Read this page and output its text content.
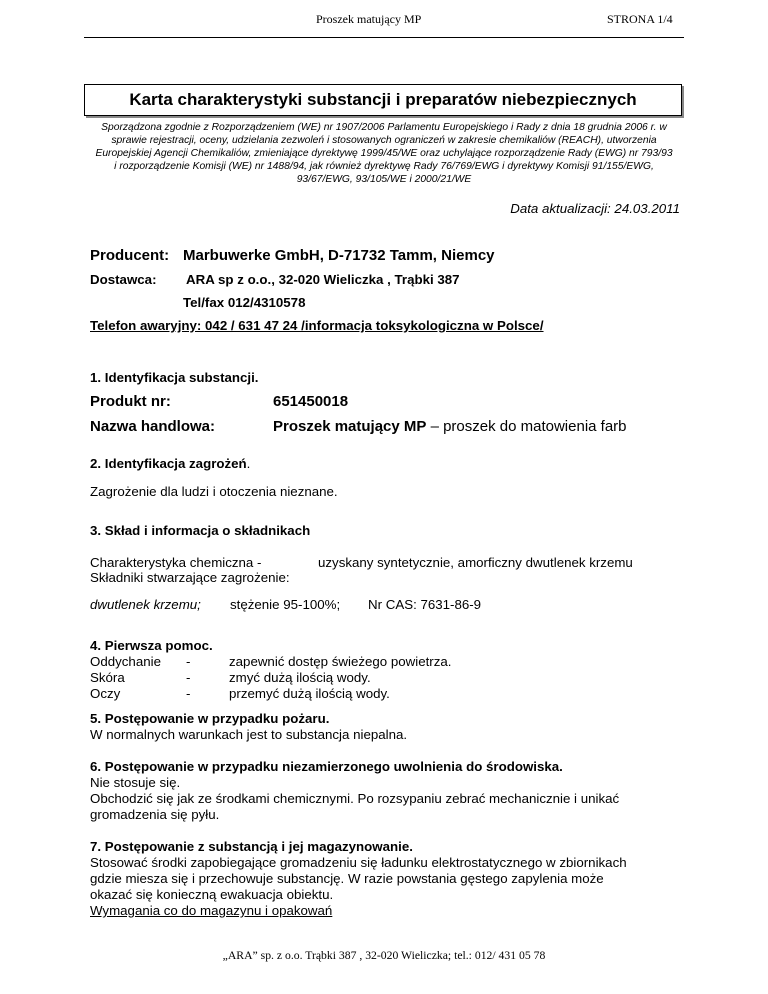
Proszek matujący MP	STRONA 1/4
Karta charakterystyki substancji i preparatów niebezpiecznych
Sporządzona zgodnie z Rozporządzeniem (WE) nr 1907/2006 Parlamentu Europejskiego i Rady z dnia 18 grudnia 2006 r. w
sprawie rejestracji, oceny, udzielania zezwoleń i stosowanych ograniczeń w zakresie chemikaliów (REACH), utworzenia
Europejskiej Agencji Chemikaliów, zmieniające dyrektywę 1999/45/WE oraz uchylające rozporządzenie Rady (EWG) nr 793/93
i rozporządzenie Komisji (WE) nr 1488/94, jak również dyrektywę Rady 76/769/EWG i dyrektywy Komisji 91/155/EWG,
93/67/EWG, 93/105/WE i 2000/21/WE
Data aktualizacji: 24.03.2011
Producent: Marbuwerke GmbH, D-71732 Tamm, Niemcy
Dostawca: ARA sp z o.o., 32-020 Wieliczka , Trąbki 387
Tel/fax 012/4310578
Telefon awaryjny: 042 / 631 47 24 /informacja toksykologiczna w Polsce/
1. Identyfikacja substancji.
Produkt nr:	651450018
Nazwa handlowa:	Proszek matujący MP – proszek do matowienia farb
2. Identyfikacja zagrożeń.
Zagrożenie dla ludzi i otoczenia nieznane.
3. Skład i informacja o składnikach
Charakterystyka chemiczna -	uzyskany syntetycznie, amorficzny dwutlenek krzemu
Składniki stwarzające zagrożenie:
dwutlenek krzemu; stężenie 95-100%; Nr CAS: 7631-86-9
4. Pierwsza pomoc.
Oddychanie -	zapewnić dostęp świeżego powietrza.
Skóra	-	zmyć dużą ilością wody.
Oczy	-	przemyć dużą ilością wody.
5. Postępowanie w przypadku pożaru.
W normalnych warunkach jest to substancja niepalna.
6. Postępowanie w przypadku niezamierzonego uwolnienia do środowiska.
Nie stosuje się.
Obchodzić się jak ze środkami chemicznymi. Po rozsypaniu zebrać mechanicznie i unikać
gromadzenia się pyłu.
7. Postępowanie z substancją i jej magazynowanie.
Stosować środki zapobiegające gromadzeniu się ładunku elektrostatycznego w zbiornikach
gdzie miesza się i przechowuje substancję. W razie powstania gęstego zapylenia może
okazać się konieczną ewakuacja obiektu.
Wymagania co do magazynu i opakowań
„ARA” sp. z o.o. Trąbki 387 , 32-020 Wieliczka; tel.: 012/ 431 05 78
